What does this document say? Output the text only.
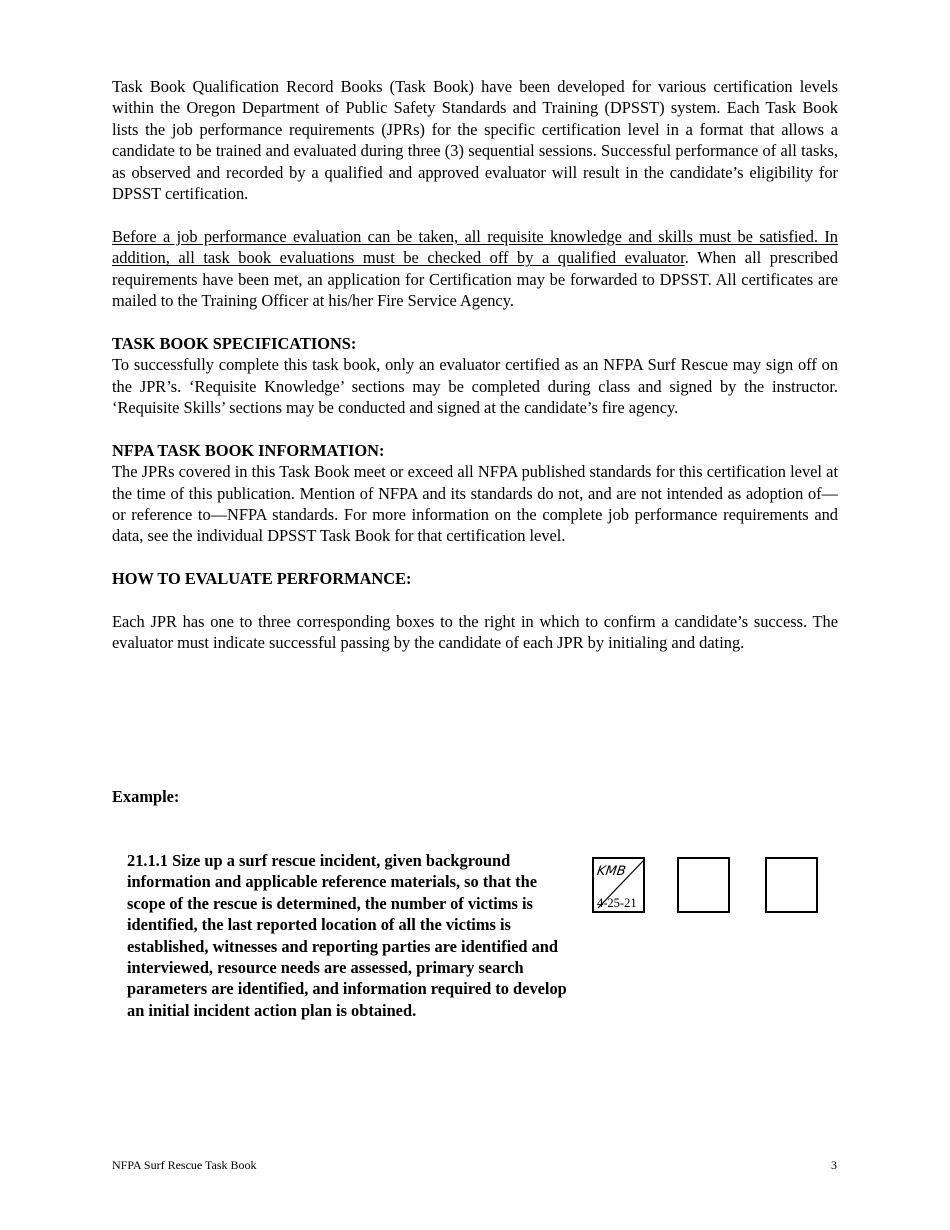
Task Book Qualification Record Books (Task Book) have been developed for various certification levels within the Oregon Department of Public Safety Standards and Training (DPSST) system. Each Task Book lists the job performance requirements (JPRs) for the specific certification level in a format that allows a candidate to be trained and evaluated during three (3) sequential sessions. Successful performance of all tasks, as observed and recorded by a qualified and approved evaluator will result in the candidate’s eligibility for DPSST certification.

Before a job performance evaluation can be taken, all requisite knowledge and skills must be satisfied. In addition, all task book evaluations must be checked off by a qualified evaluator. When all prescribed requirements have been met, an application for Certification may be forwarded to DPSST. All certificates are mailed to the Training Officer at his/her Fire Service Agency.

TASK BOOK SPECIFICATIONS:

To successfully complete this task book, only an evaluator certified as an NFPA Surf Rescue may sign off on the JPR’s. ‘Requisite Knowledge’ sections may be completed during class and signed by the instructor. ‘Requisite Skills’ sections may be conducted and signed at the candidate’s fire agency.

NFPA TASK BOOK INFORMATION:

The JPRs covered in this Task Book meet or exceed all NFPA published standards for this certification level at the time of this publication. Mention of NFPA and its standards do not, and are not intended as adoption of—or reference to—NFPA standards. For more information on the complete job performance requirements and data, see the individual DPSST Task Book for that certification level.

HOW TO EVALUATE PERFORMANCE:

Each JPR has one to three corresponding boxes to the right in which to confirm a candidate’s success. The evaluator must indicate successful passing by the candidate of each JPR by initialing and dating.

Example:

21.1.1 Size up a surf rescue incident, given background information and applicable reference materials, so that the scope of the rescue is determined, the number of victims is identified, the last reported location of all the victims is established, witnesses and reporting parties are identified and interviewed, resource needs are assessed, primary search parameters are identified, and information required to develop an initial incident action plan is obtained.

KMB
4-25-21
NFPA Surf Rescue Task Book	3
